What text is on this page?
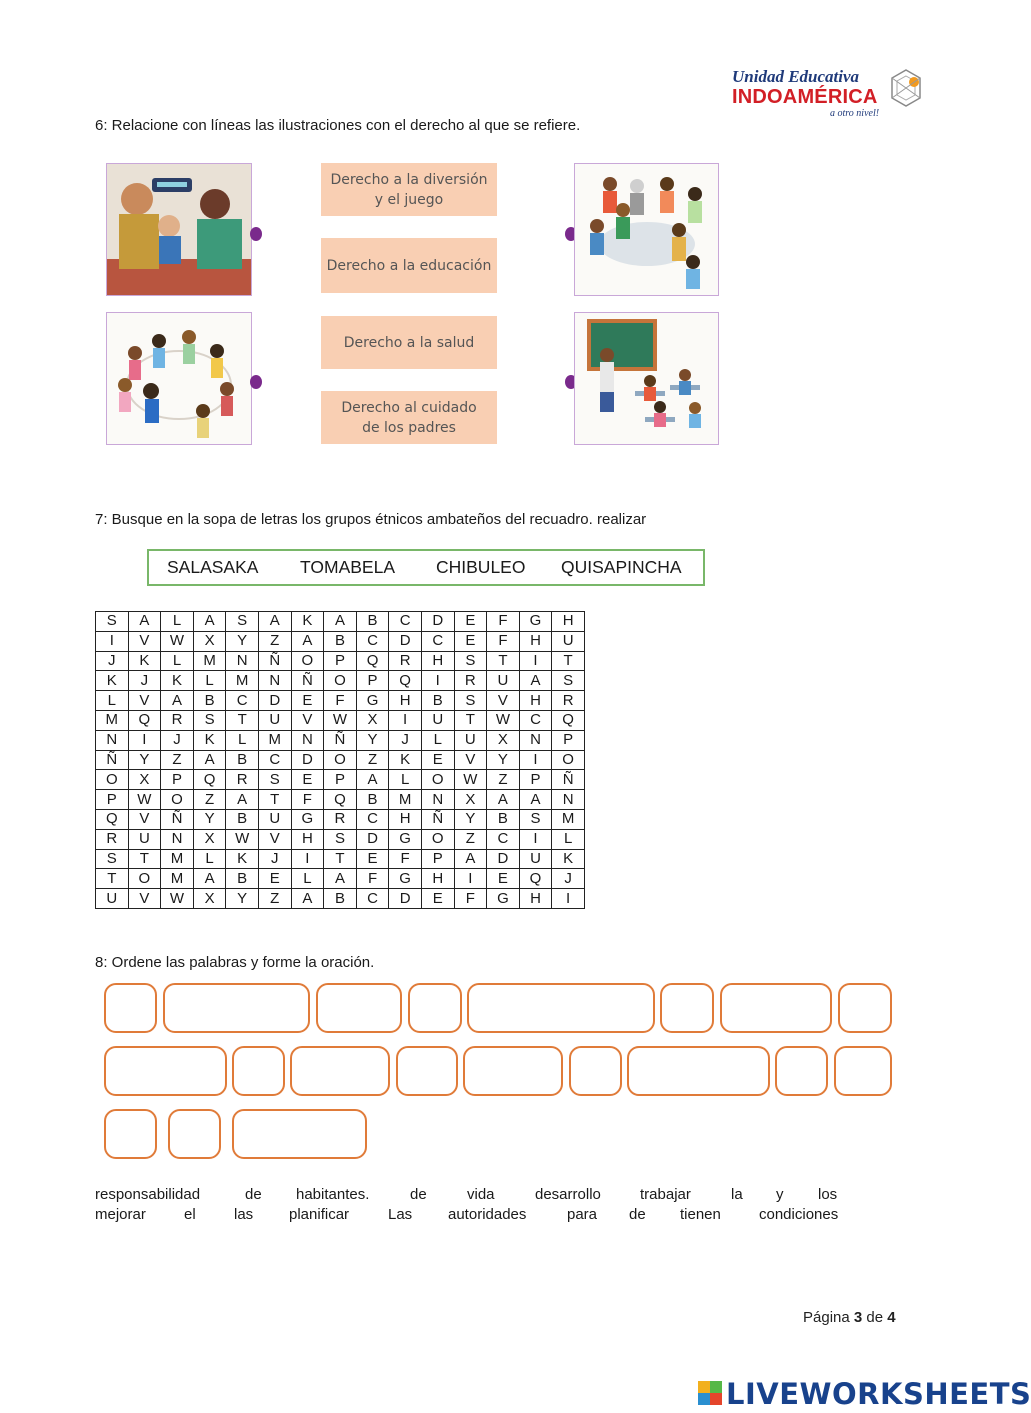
Unidad Educativa
INDOAMÉRICA
a otro nivel!
6: Relacione con líneas las ilustraciones con el derecho al que se refiere.
Derecho a la diversión
y el juego
Derecho a la educación
Derecho a la salud
Derecho al cuidado
de los padres
7: Busque en la sopa de letras los grupos étnicos ambateños del recuadro. realizar
SALASAKA TOMABELA CHIBULEO QUISAPINCHA
S	A	L	A	S	A	K	A	B	C	D	E	F	G	H
I	V	W	X	Y	Z	A	B	C	D	C	E	F	H	U
J	K	L	M	N	Ñ	O	P	Q	R	H	S	T	I	T
K	J	K	L	M	N	Ñ	O	P	Q	I	R	U	A	S
L	V	A	B	C	D	E	F	G	H	B	S	V	H	R
M	Q	R	S	T	U	V	W	X	I	U	T	W	C	Q
N	I	J	K	L	M	N	Ñ	Y	J	L	U	X	N	P
Ñ	Y	Z	A	B	C	D	O	Z	K	E	V	Y	I	O
O	X	P	Q	R	S	E	P	A	L	O	W	Z	P	Ñ
P	W	O	Z	A	T	F	Q	B	M	N	X	A	A	N
Q	V	Ñ	Y	B	U	G	R	C	H	Ñ	Y	B	S	M
R	U	N	X	W	V	H	S	D	G	O	Z	C	I	L
S	T	M	L	K	J	I	T	E	F	P	A	D	U	K
T	O	M	A	B	E	L	A	F	G	H	I	E	Q	J
U	V	W	X	Y	Z	A	B	C	D	E	F	G	H	I
8: Ordene las palabras y forme la oración.
responsabilidad	de habitantes.	de	vida	desarrollo	trabajar	la y los
mejorar	el	las planificar	Las autoridades	para de tienen	condiciones
Página 3 de 4
LIVEWORKSHEETS
